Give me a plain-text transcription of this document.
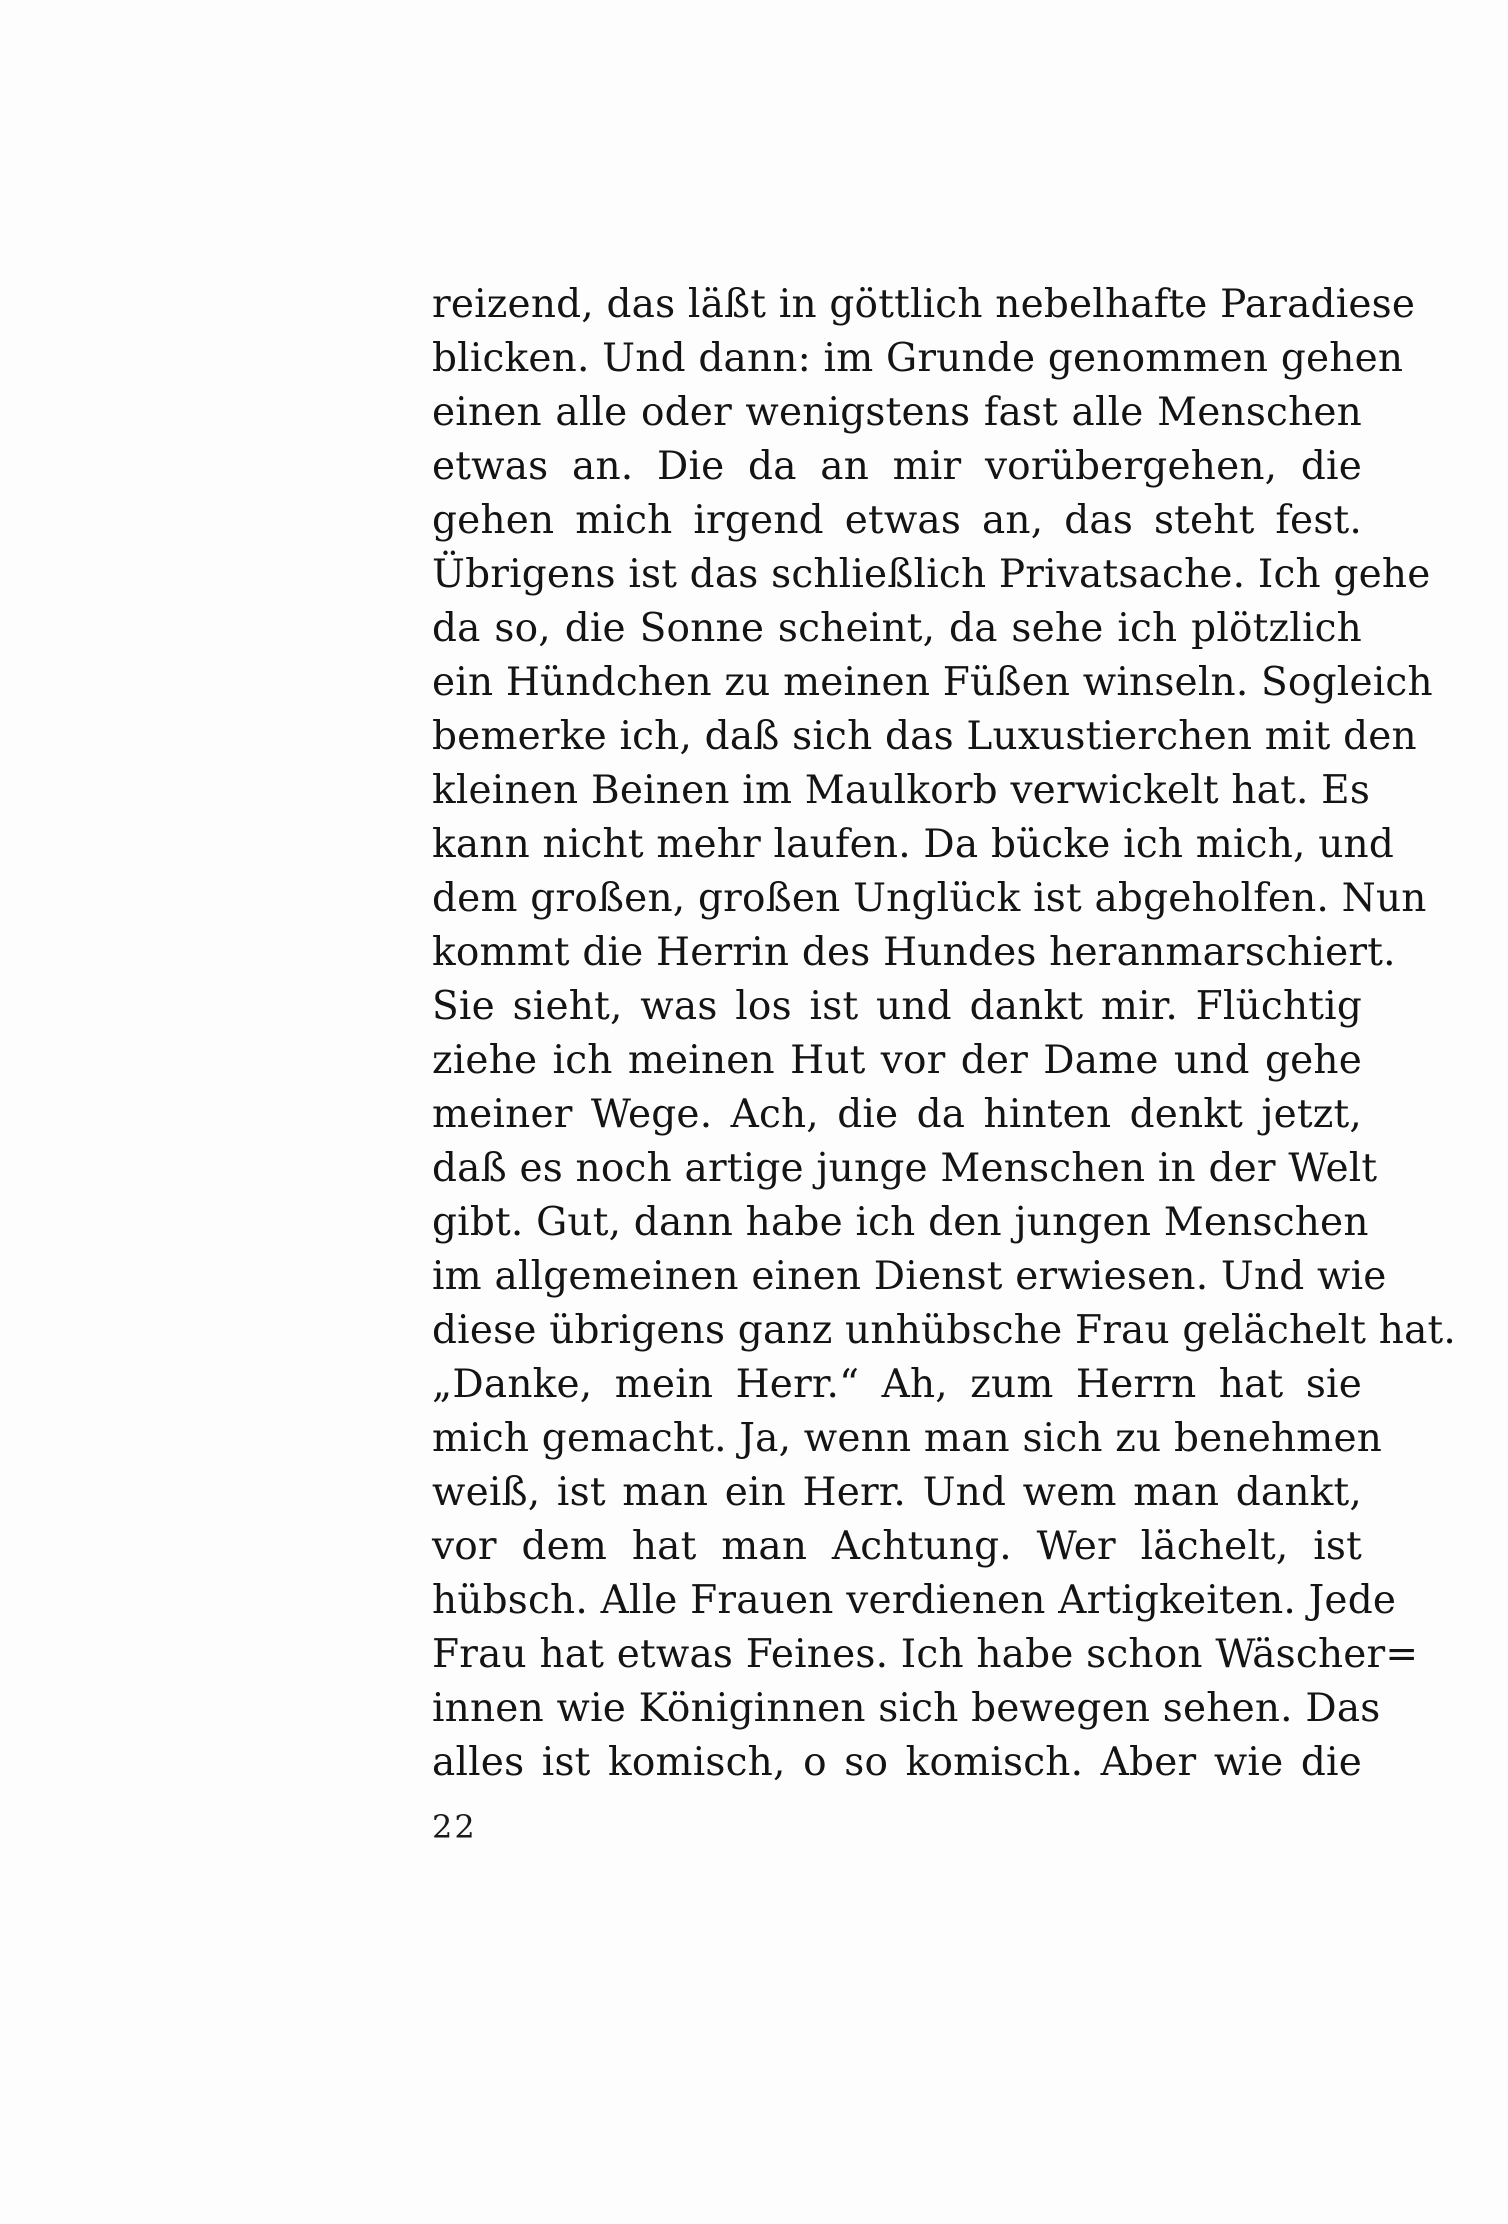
reizend, das läßt in göttlich nebelhafte Paradiese
blicken. Und dann: im Grunde genommen gehen
einen alle oder wenigstens fast alle Menschen
etwas an. Die da an mir vorübergehen, die
gehen mich irgend etwas an, das steht fest.
Übrigens ist das schließlich Privatsache. Ich gehe
da so, die Sonne scheint, da sehe ich plötzlich
ein Hündchen zu meinen Füßen winseln. Sogleich
bemerke ich, daß sich das Luxustierchen mit den
kleinen Beinen im Maulkorb verwickelt hat. Es
kann nicht mehr laufen. Da bücke ich mich, und
dem großen, großen Unglück ist abgeholfen. Nun
kommt die Herrin des Hundes heranmarschiert.
Sie sieht, was los ist und dankt mir. Flüchtig
ziehe ich meinen Hut vor der Dame und gehe
meiner Wege. Ach, die da hinten denkt jetzt,
daß es noch artige junge Menschen in der Welt
gibt. Gut, dann habe ich den jungen Menschen
im allgemeinen einen Dienst erwiesen. Und wie
diese übrigens ganz unhübsche Frau gelächelt hat.
„Danke, mein Herr.“ Ah, zum Herrn hat sie
mich gemacht. Ja, wenn man sich zu benehmen
weiß, ist man ein Herr. Und wem man dankt,
vor dem hat man Achtung. Wer lächelt, ist
hübsch. Alle Frauen verdienen Artigkeiten. Jede
Frau hat etwas Feines. Ich habe schon Wäscher=
innen wie Königinnen sich bewegen sehen. Das
alles ist komisch, o so komisch. Aber wie die
22
